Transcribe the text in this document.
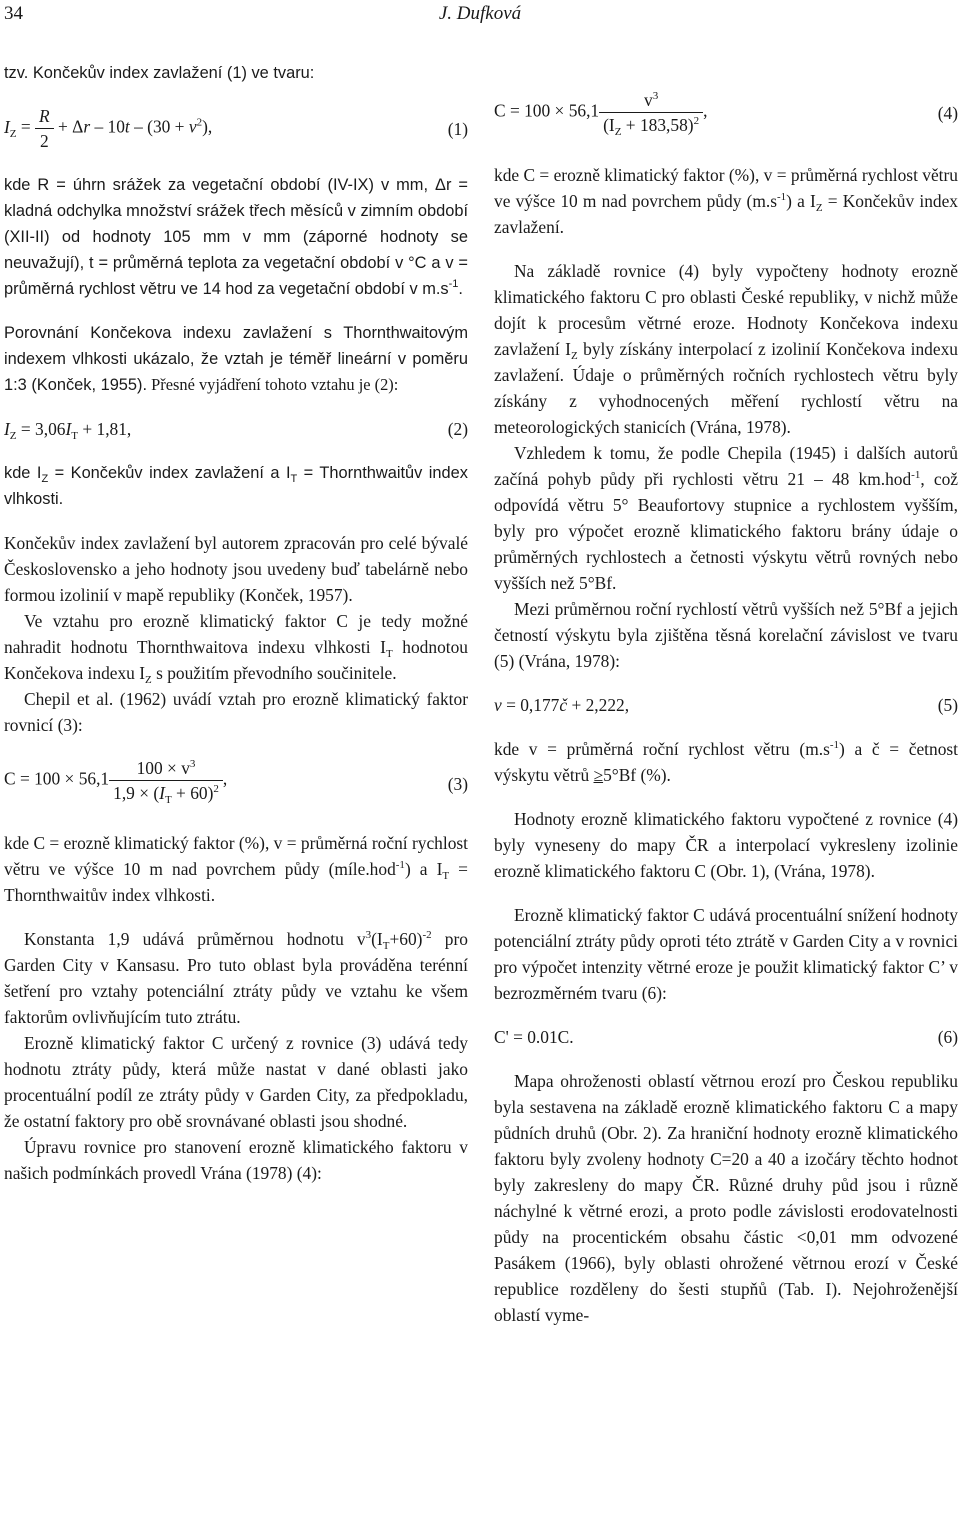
34	J. Dufková

tzv. Končekův index zavlažení (1) ve tvaru:

$I_Z = \frac{R}{2} + \Delta r - 10t - (30 + v^2)$,	(1)

kde R = úhrn srážek za vegetační období (IV-IX) v mm, Δr = kladná odchylka množství srážek třech měsíců v zimním období (XII-II) od hodnoty 105 mm v mm (záporné hodnoty se neuvažují), t = průměrná teplota za vegetační období v °C a v = průměrná rychlost větru ve 14 hod za vegetační období v $m.s^{-1}$.

Porovnání Končekova indexu zavlažení s Thornthwaitovým indexem vlhkosti ukázalo, že vztah je téměř lineární v poměru 1:3 (Konček, 1955). Přesné vyjádření tohoto vztahu je (2):

$I_Z = 3,06I_T + 1,81$,	(2)

kde $I_Z$ = Končekův index zavlažení a $I_T$ = Thornthwaitův index vlhkosti.

Končekův index zavlažení byl autorem zpracován pro celé bývalé Československo a jeho hodnoty jsou uvedeny buď tabelárně nebo formou izolinií v mapě republiky (Konček, 1957).

Ve vztahu pro erozně klimatický faktor C je tedy možné nahradit hodnotu Thornthwaitova indexu vlhkosti $I_T$ hodnotou Končekova indexu $I_Z$ s použitím převodního součinitele.

Chepil et al. (1962) uvádí vztah pro erozně klimatický faktor rovnicí (3):

$C = 100 \times 56,1 \frac{100 \times v^3}{1,9 \times (I_T + 60)^2}$ ,	(3)

kde C = erozně klimatický faktor (%), v = průměrná roční rychlost větru ve výšce 10 m nad povrchem půdy (míle.hod$^{-1}$) a $I_T$ = Thornthwaitův index vlhkosti.

Konstanta 1,9 udává průměrnou hodnotu $v^3(I_T+60)^{-2}$ pro Garden City v Kansasu. Pro tuto oblast byla prováděna terénní šetření pro vztahy potenciální ztráty půdy ve vztahu ke všem faktorům ovlivňujícím tuto ztrátu.

Erozně klimatický faktor C určený z rovnice (3) udává tedy hodnotu ztráty půdy, která může nastat v dané oblasti jako procentuální podíl ze ztráty půdy v Garden City, za předpokladu, že ostatní faktory pro obě srovnávané oblasti jsou shodné.

Úpravu rovnice pro stanovení erozně klimatického faktoru v našich podmínkách provedl Vrána (1978) (4):

$C = 100 \times 56,1 \frac{v^3}{(I_Z + 183,58)^2}$ ,	(4)

kde C = erozně klimatický faktor (%), v = průměrná rychlost větru ve výšce 10 m nad povrchem půdy $(m.s^{-1})$ a $I_Z$ = Končekův index zavlažení.

Na základě rovnice (4) byly vypočteny hodnoty erozně klimatického faktoru C pro oblasti České republiky, v nichž může dojít k procesům větrné eroze. Hodnoty Končekova indexu zavlažení $I_Z$ byly získány interpolací z izolinií Končekova indexu zavlažení. Údaje o průměrných ročních rychlostech větru byly získány z vyhodnocených měření rychlostí větru na meteorologických stanicích (Vrána, 1978).

Vzhledem k tomu, že podle Chepila (1945) i dalších autorů začíná pohyb půdy při rychlosti větru 21 – 48 km.hod$^{-1}$, což odpovídá větru 5° Beaufortovy stupnice a rychlostem vyšším, byly pro výpočet erozně klimatického faktoru brány údaje o průměrných rychlostech a četnosti výskytu větrů rovných nebo vyšších než 5°Bf.

Mezi průměrnou roční rychlostí větrů vyšších než 5°Bf a jejich četností výskytu byla zjištěna těsná korelační závislost ve tvaru (5) (Vrána, 1978):

v = 0,177č + 2,222,	(5)

kde v = průměrná roční rychlost větru $(m.s^{-1})$ a č = četnost výskytu větrů ≥5°Bf (%).

Hodnoty erozně klimatického faktoru vypočtené z rovnice (4) byly vyneseny do mapy ČR a interpolací vykresleny izolinie erozně klimatického faktoru C (Obr. 1), (Vrána, 1978).

Erozně klimatický faktor C udává procentuální snížení hodnoty potenciální ztráty půdy oproti této ztrátě v Garden City a v rovnici pro výpočet intenzity větrné eroze je použit klimatický faktor C’ v bezrozměrném tvaru (6):

C' = 0.01C.	(6)

Mapa ohroženosti oblastí větrnou erozí pro Českou republiku byla sestavena na základě erozně klimatického faktoru C a mapy půdních druhů (Obr. 2). Za hraniční hodnoty erozně klimatického faktoru byly zvoleny hodnoty C=20 a 40 a izočáry těchto hodnot byly zakresleny do mapy ČR. Různé druhy půd jsou i různě náchylné k větrné erozi, a proto podle závislosti erodovatelnosti půdy na procentickém obsahu částic <0,01 mm odvozené Pasákem (1966), byly oblasti ohrožené větrnou erozí v České republice rozděleny do šesti stupňů (Tab. I). Nejohroženější oblastí vyme-
